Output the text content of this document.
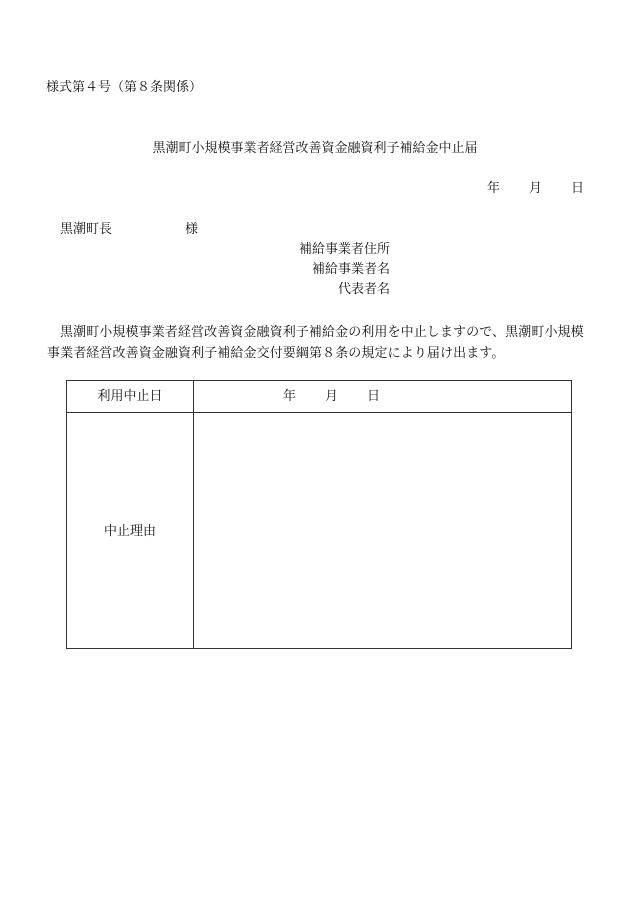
様式第４号（第８条関係）
黒潮町小規模事業者経営改善資金融資利子補給金中止届
年 月 日
黒潮町長	様
補給事業者住所
補給事業者名
代表者名
黒潮町小規模事業者経営改善資金融資利子補給金の利用を中止しますので、黒潮町小規模事業者経営改善資金融資利子補給金交付要綱第８条の規定により届け出ます。
利用中止日	年 月 日
中止理由
